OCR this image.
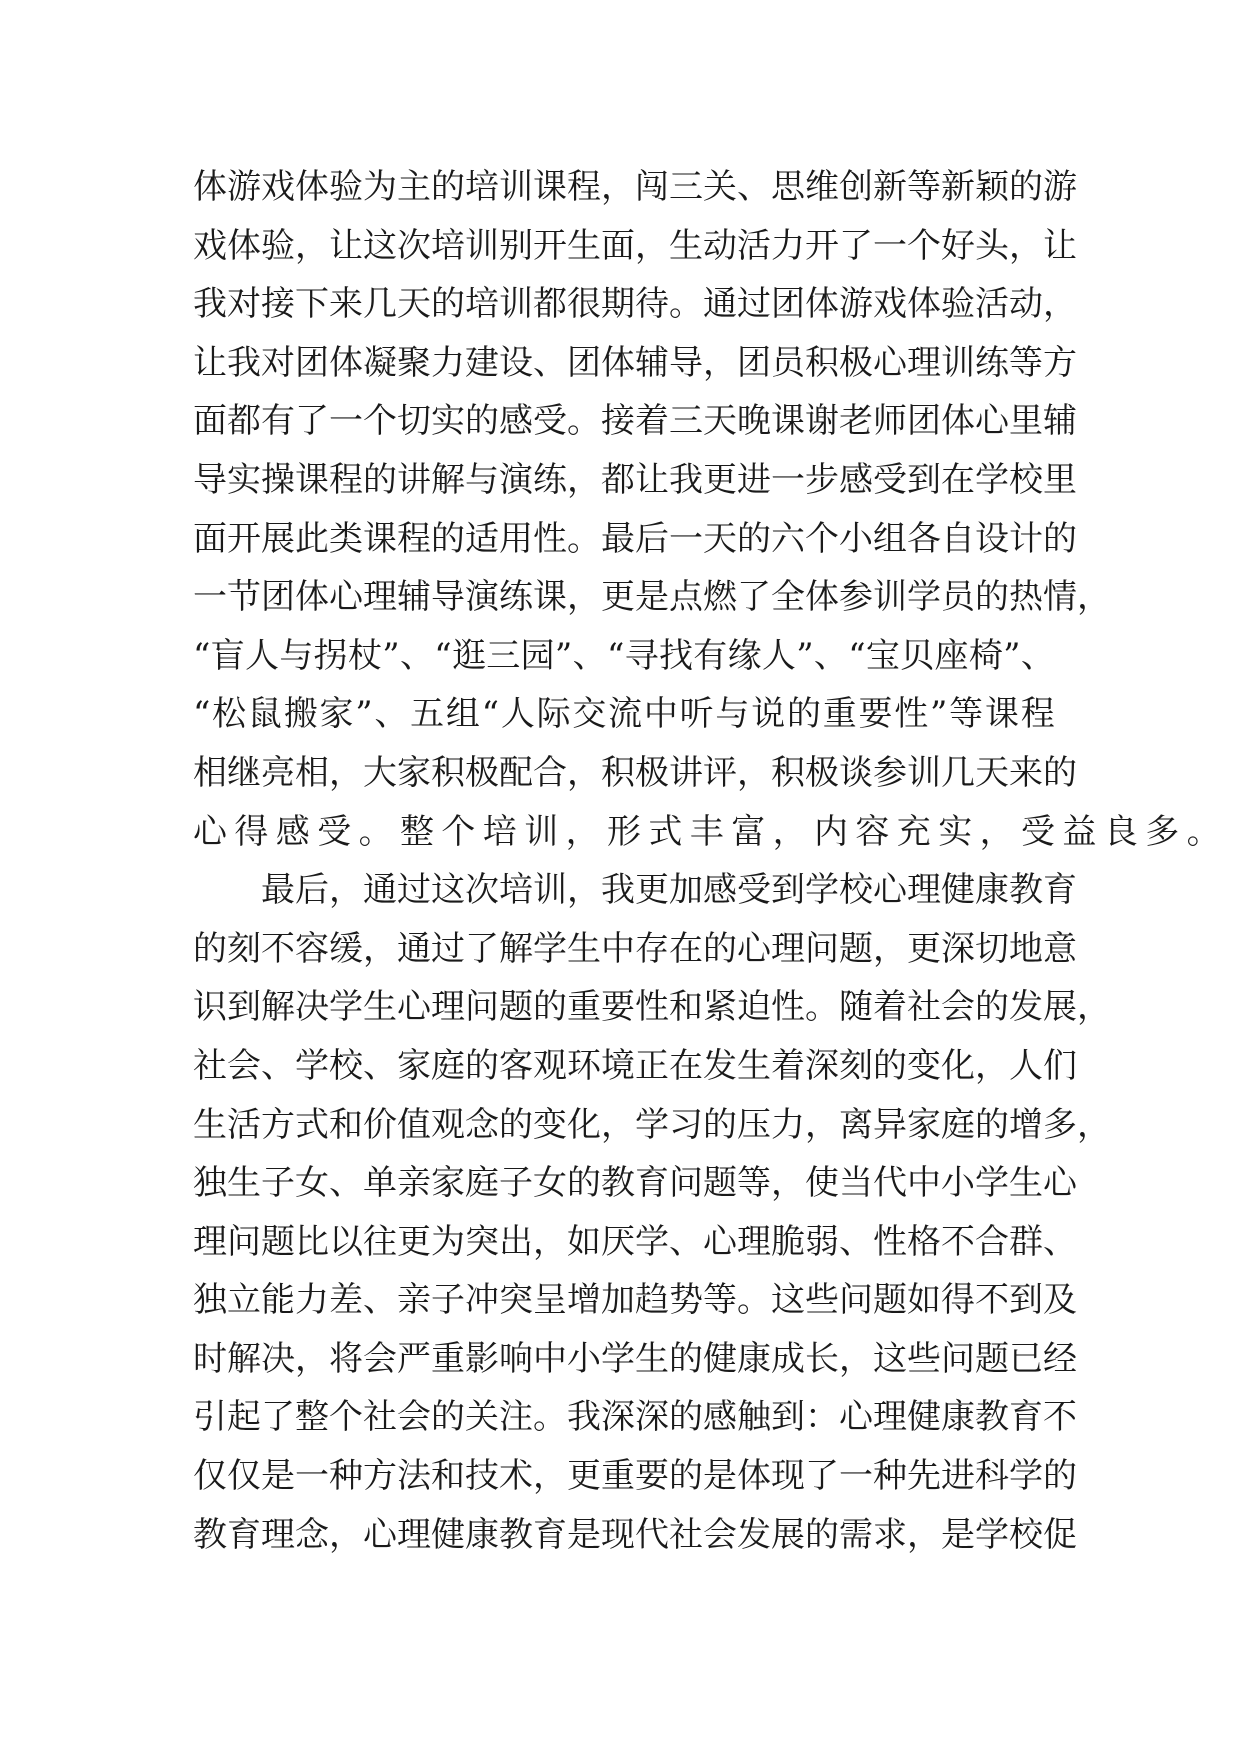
体 游 戏 体 验 为 主 的 培 训 课 程 ， 闯 三 关 、 思 维 创 新 等 新 颖 的 游
戏 体 验 ， 让 这 次 培 训 别 开 生 面 ， 生 动 活 力 开 了 一 个 好 头 ， 让
我 对 接 下 来 几 天 的 培 训 都 很 期 待 。 通 过 团 体 游 戏 体 验 活 动 ，
让 我 对 团 体 凝 聚 力 建 设 、 团 体 辅 导 ， 团 员 积 极 心 理 训 练 等 方
面 都 有 了 一 个 切 实 的 感 受 。 接 着 三 天 晚 课 谢 老 师 团 体 心 里 辅
导 实 操 课 程 的 讲 解 与 演 练 ， 都 让 我 更 进 一 步 感 受 到 在 学 校 里
面 开 展 此 类 课 程 的 适 用 性 。 最 后 一 天 的 六 个 小 组 各 自 设 计 的
一 节 团 体 心 理 辅 导 演 练 课 ， 更 是 点 燃 了 全 体 参 训 学 员 的 热 情 ，
“ 盲 人 与 拐 杖 ” 、 “ 逛 三 园 ” 、 “ 寻 找 有 缘 人 ” 、 “ 宝 贝 座 椅 ” 、
“ 松 鼠 搬 家 ” 、 五 组 “ 人 际 交 流 中 听 与 说 的 重 要 性 ” 等 课 程
相 继 亮 相 ， 大 家 积 极 配 合 ， 积 极 讲 评 ， 积 极 谈 参 训 几 天 来 的
心得感受。整个培训，形式丰富，内容充实，受益良多。
最 后 ， 通 过 这 次 培 训 ， 我 更 加 感 受 到 学 校 心 理 健 康 教 育
的 刻 不 容 缓 ， 通 过 了 解 学 生 中 存 在 的 心 理 问 题 ， 更 深 切 地 意
识 到 解 决 学 生 心 理 问 题 的 重 要 性 和 紧 迫 性 。 随 着 社 会 的 发 展 ，
社 会 、 学 校 、 家 庭 的 客 观 环 境 正 在 发 生 着 深 刻 的 变 化 ， 人 们
生 活 方 式 和 价 值 观 念 的 变 化 ， 学 习 的 压 力 ， 离 异 家 庭 的 增 多 ，
独 生 子 女 、 单 亲 家 庭 子 女 的 教 育 问 题 等 ， 使 当 代 中 小 学 生 心
理 问 题 比 以 往 更 为 突 出 ， 如 厌 学 、 心 理 脆 弱 、 性 格 不 合 群 、
独 立 能 力 差 、 亲 子 冲 突 呈 增 加 趋 势 等 。 这 些 问 题 如 得 不 到 及
时 解 决 ， 将 会 严 重 影 响 中 小 学 生 的 健 康 成 长 ， 这 些 问 题 已 经
引 起 了 整 个 社 会 的 关 注 。 我 深 深 的 感 触 到 ： 心 理 健 康 教 育 不
仅 仅 是 一 种 方 法 和 技 术 ， 更 重 要 的 是 体 现 了 一 种 先 进 科 学 的
教 育 理 念 ， 心 理 健 康 教 育 是 现 代 社 会 发 展 的 需 求 ， 是 学 校 促
